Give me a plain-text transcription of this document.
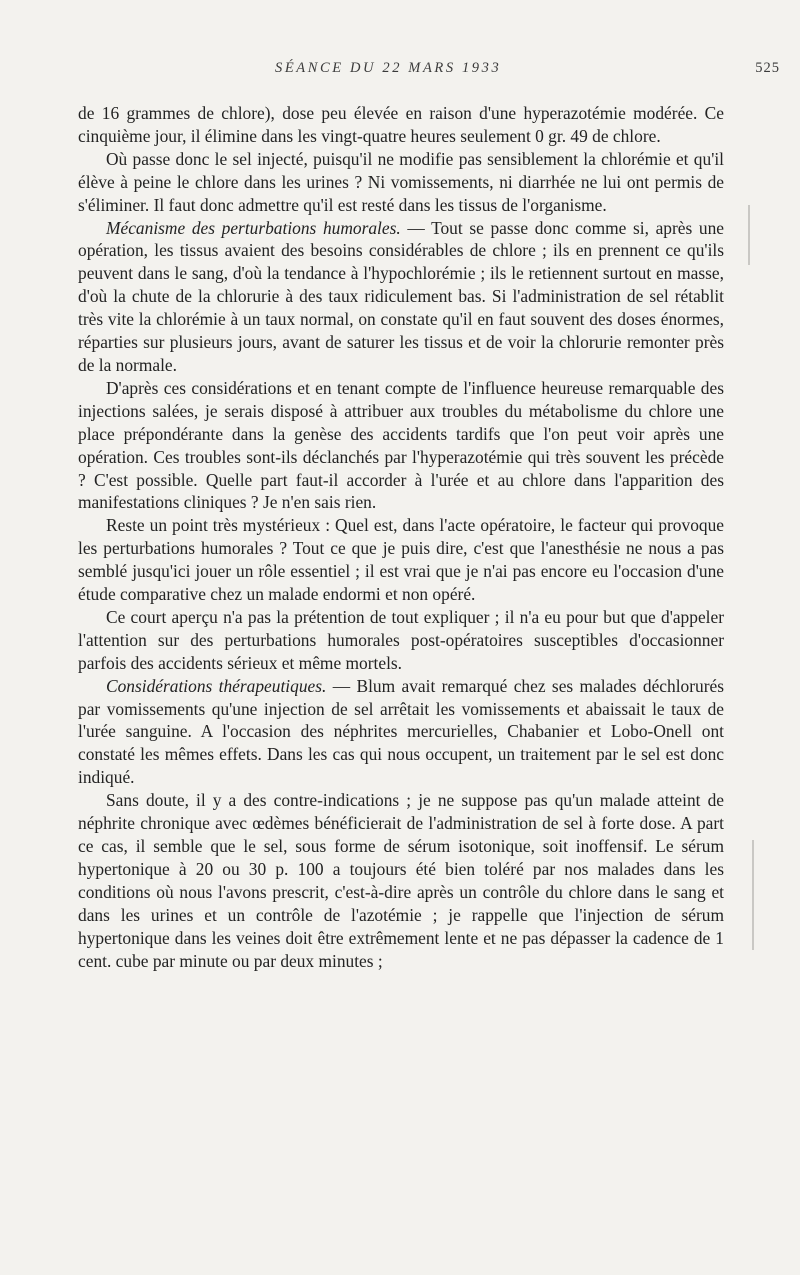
SÉANCE DU 22 MARS 1933	525

de 16 grammes de chlore), dose peu élevée en raison d'une hyperazotémie modérée. Ce cinquième jour, il élimine dans les vingt-quatre heures seulement 0 gr. 49 de chlore.

Où passe donc le sel injecté, puisqu'il ne modifie pas sensiblement la chlorémie et qu'il élève à peine le chlore dans les urines ? Ni vomissements, ni diarrhée ne lui ont permis de s'éliminer. Il faut donc admettre qu'il est resté dans les tissus de l'organisme.

Mécanisme des perturbations humorales. — Tout se passe donc comme si, après une opération, les tissus avaient des besoins considérables de chlore ; ils en prennent ce qu'ils peuvent dans le sang, d'où la tendance à l'hypochlorémie ; ils le retiennent surtout en masse, d'où la chute de la chlorurie à des taux ridiculement bas. Si l'administration de sel rétablit très vite la chlorémie à un taux normal, on constate qu'il en faut souvent des doses énormes, réparties sur plusieurs jours, avant de saturer les tissus et de voir la chlorurie remonter près de la normale.

D'après ces considérations et en tenant compte de l'influence heureuse remarquable des injections salées, je serais disposé à attribuer aux troubles du métabolisme du chlore une place prépondérante dans la genèse des accidents tardifs que l'on peut voir après une opération. Ces troubles sont-ils déclanchés par l'hyperazotémie qui très souvent les précède ? C'est possible. Quelle part faut-il accorder à l'urée et au chlore dans l'apparition des manifestations cliniques ? Je n'en sais rien.

Reste un point très mystérieux : Quel est, dans l'acte opératoire, le facteur qui provoque les perturbations humorales ? Tout ce que je puis dire, c'est que l'anesthésie ne nous a pas semblé jusqu'ici jouer un rôle essentiel ; il est vrai que je n'ai pas encore eu l'occasion d'une étude comparative chez un malade endormi et non opéré.

Ce court aperçu n'a pas la prétention de tout expliquer ; il n'a eu pour but que d'appeler l'attention sur des perturbations humorales post-opératoires susceptibles d'occasionner parfois des accidents sérieux et même mortels.

Considérations thérapeutiques. — Blum avait remarqué chez ses malades déchlorurés par vomissements qu'une injection de sel arrêtait les vomissements et abaissait le taux de l'urée sanguine. A l'occasion des néphrites mercurielles, Chabanier et Lobo-Onell ont constaté les mêmes effets. Dans les cas qui nous occupent, un traitement par le sel est donc indiqué.

Sans doute, il y a des contre-indications ; je ne suppose pas qu'un malade atteint de néphrite chronique avec œdèmes bénéficierait de l'administration de sel à forte dose. A part ce cas, il semble que le sel, sous forme de sérum isotonique, soit inoffensif. Le sérum hypertonique à 20 ou 30 p. 100 a toujours été bien toléré par nos malades dans les conditions où nous l'avons prescrit, c'est-à-dire après un contrôle du chlore dans le sang et dans les urines et un contrôle de l'azotémie ; je rappelle que l'injection de sérum hypertonique dans les veines doit être extrêmement lente et ne pas dépasser la cadence de 1 cent. cube par minute ou par deux minutes ;
